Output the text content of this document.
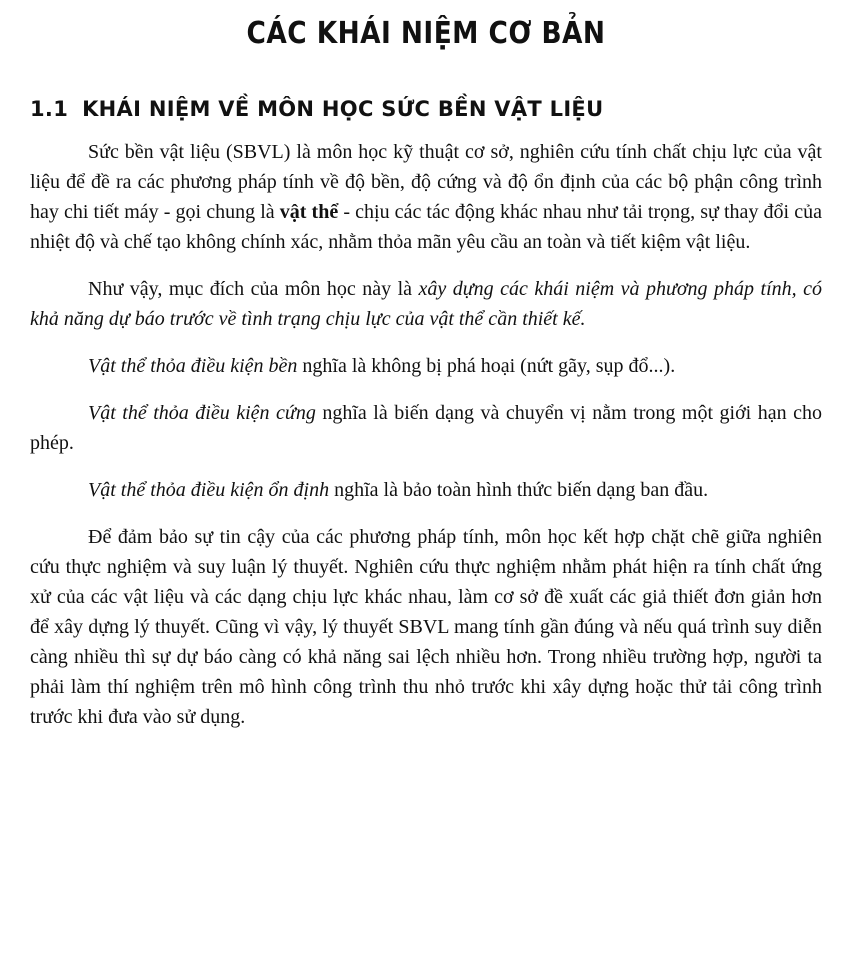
CÁC KHÁI NIỆM CƠ BẢN
1.1 KHÁI NIỆM VỀ MÔN HỌC SỨC BỀN VẬT LIỆU

Sức bền vật liệu (SBVL) là môn học kỹ thuật cơ sở, nghiên cứu tính chất chịu lực của vật liệu để đề ra các phương pháp tính về độ bền, độ cứng và độ ổn định của các bộ phận công trình hay chi tiết máy - gọi chung là vật thể - chịu các tác động khác nhau như tải trọng, sự thay đổi của nhiệt độ và chế tạo không chính xác, nhằm thỏa mãn yêu cầu an toàn và tiết kiệm vật liệu.

Như vậy, mục đích của môn học này là xây dựng các khái niệm và phương pháp tính, có khả năng dự báo trước về tình trạng chịu lực của vật thể cần thiết kế.

Vật thể thỏa điều kiện bền nghĩa là không bị phá hoại (nứt gãy, sụp đổ...).

Vật thể thỏa điều kiện cứng nghĩa là biến dạng và chuyển vị nằm trong một giới hạn cho phép.

Vật thể thỏa điều kiện ổn định nghĩa là bảo toàn hình thức biến dạng ban đầu.

Để đảm bảo sự tin cậy của các phương pháp tính, môn học kết hợp chặt chẽ giữa nghiên cứu thực nghiệm và suy luận lý thuyết. Nghiên cứu thực nghiệm nhằm phát hiện ra tính chất ứng xử của các vật liệu và các dạng chịu lực khác nhau, làm cơ sở đề xuất các giả thiết đơn giản hơn để xây dựng lý thuyết. Cũng vì vậy, lý thuyết SBVL mang tính gần đúng và nếu quá trình suy diễn càng nhiều thì sự dự báo càng có khả năng sai lệch nhiều hơn. Trong nhiều trường hợp, người ta phải làm thí nghiệm trên mô hình công trình thu nhỏ trước khi xây dựng hoặc thử tải công trình trước khi đưa vào sử dụng.
